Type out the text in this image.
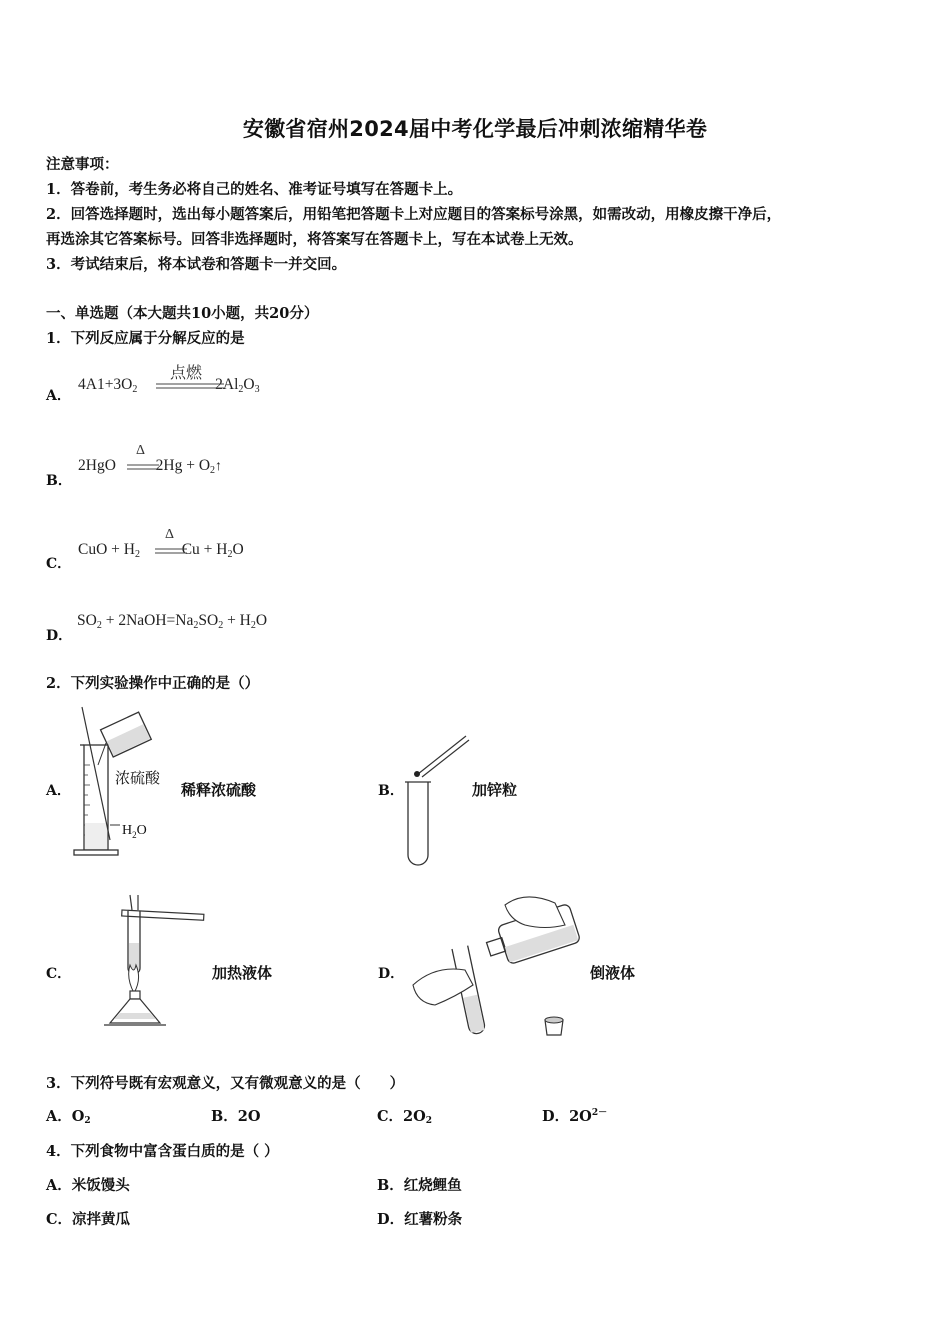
安徽省宿州2024届中考化学最后冲刺浓缩精华卷
注意事项：
1．答卷前，考生务必将自己的姓名、准考证号填写在答题卡上。
2．回答选择题时，选出每小题答案后，用铅笔把答题卡上对应题目的答案标号涂黑，如需改动，用橡皮擦干净后，
再选涂其它答案标号。回答非选择题时，将答案写在答题卡上，写在本试卷上无效。
3．考试结束后，将本试卷和答题卡一并交回。
一、单选题（本大题共10小题，共20分）
1．下列反应属于分解反应的是
A．
$4A1+3O_2$	$2Al_2O_3$
点燃
B．
2HgO	$2Hg + O_2↑$
Δ
C．
CuO + $H_2$	$Cu + H_2O$
Δ
D．
$SO_2$ + $2NaOH=Na_2SO_2 + H_2O$
2．下列实验操作中正确的是（）
A．
浓硫酸
$H_2O$
稀释浓硫酸	B．	加锌粒
C．	加热液体	D．	倒液体
3．下列符号既有宏观意义，又有微观意义的是（　　）
A．$O_2$	B．2O	C．$2O_2$	D．$2O^{2-}$
4．下列食物中富含蛋白质的是（ ）
A．米饭馒头	B．红烧鲤鱼
C．凉拌黄瓜	D．红薯粉条
